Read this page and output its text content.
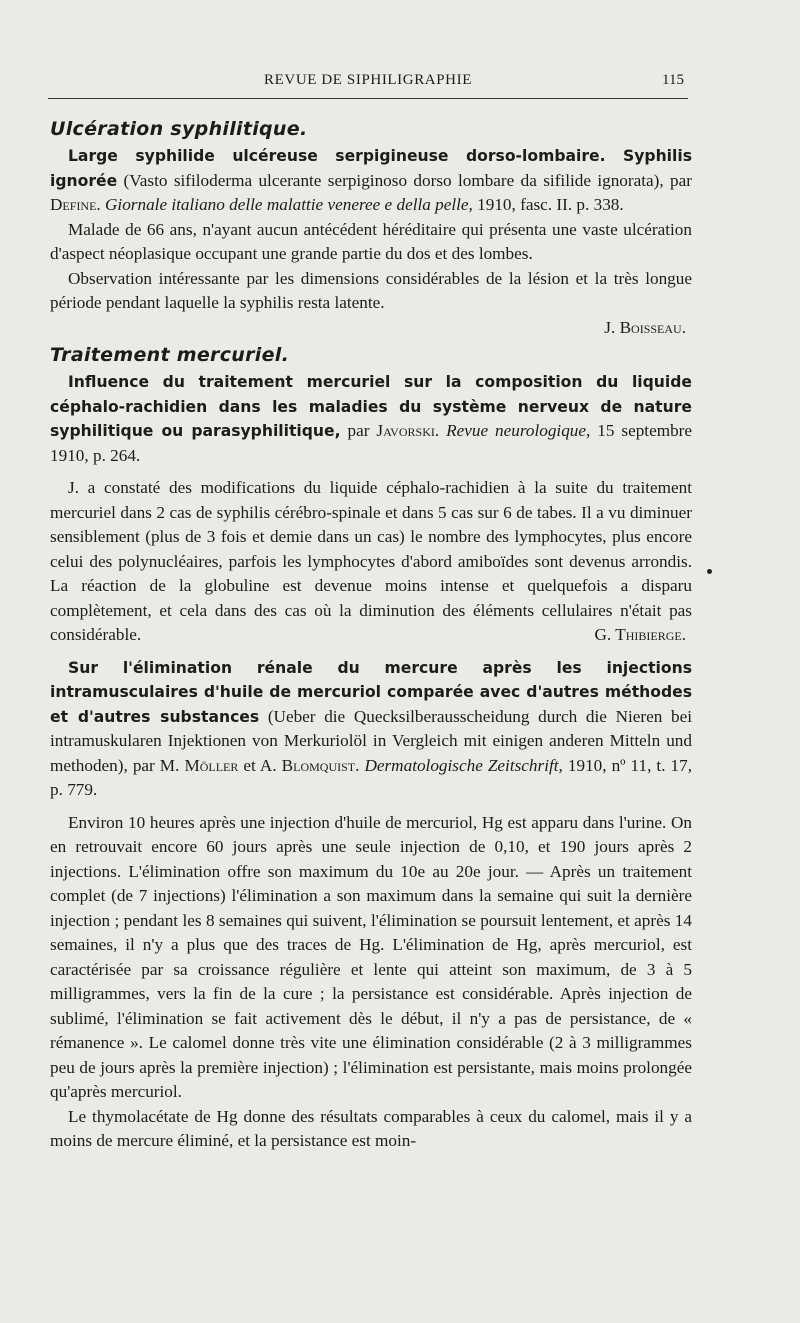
REVUE DE SIPHILIGRAPHIE	115
Ulcération syphilitique.

Large syphilide ulcéreuse serpigineuse dorso-lombaire. Syphilis ignorée (Vasto sifiloderma ulcerante serpiginoso dorso lombare da sifilide ignorata), par Define. Giornale italiano delle malattie veneree e della pelle, 1910, fasc. II. p. 338.

Malade de 66 ans, n'ayant aucun antécédent héréditaire qui présenta une vaste ulcération d'aspect néoplasique occupant une grande partie du dos et des lombes.

Observation intéressante par les dimensions considérables de la lésion et la très longue période pendant laquelle la syphilis resta latente.

J. Boisseau.

Traitement mercuriel.

Influence du traitement mercuriel sur la composition du liquide céphalo-rachidien dans les maladies du système nerveux de nature syphilitique ou parasyphilitique, par Javorski. Revue neurologique, 15 septembre 1910, p. 264.

J. a constaté des modifications du liquide céphalo-rachidien à la suite du traitement mercuriel dans 2 cas de syphilis cérébro-spinale et dans 5 cas sur 6 de tabes. Il a vu diminuer sensiblement (plus de 3 fois et demie dans un cas) le nombre des lymphocytes, plus encore celui des polynucléaires, parfois les lymphocytes d'abord amiboïdes sont devenus arrondis. La réaction de la globuline est devenue moins intense et quelquefois a disparu complètement, et cela dans des cas où la diminution des éléments cellulaires n'était pas considérable.	G. Thibierge.

Sur l'élimination rénale du mercure après les injections intramusculaires d'huile de mercuriol comparée avec d'autres méthodes et d'autres substances (Ueber die Quecksilberausscheidung durch die Nieren bei intramuskularen Injektionen von Merkuriolöl in Vergleich mit einigen anderen Mitteln und methoden), par M. Möller et A. Blomquist. Dermatologische Zeitschrift, 1910, nº 11, t. 17, p. 779.

Environ 10 heures après une injection d'huile de mercuriol, Hg est apparu dans l'urine. On en retrouvait encore 60 jours après une seule injection de 0,10, et 190 jours après 2 injections. L'élimination offre son maximum du 10e au 20e jour. — Après un traitement complet (de 7 injections) l'élimination a son maximum dans la semaine qui suit la dernière injection ; pendant les 8 semaines qui suivent, l'élimination se poursuit lentement, et après 14 semaines, il n'y a plus que des traces de Hg. L'élimination de Hg, après mercuriol, est caractérisée par sa croissance régulière et lente qui atteint son maximum, de 3 à 5 milligrammes, vers la fin de la cure ; la persistance est considérable. Après injection de sublimé, l'élimination se fait activement dès le début, il n'y a pas de persistance, de « rémanence ». Le calomel donne très vite une élimination considérable (2 à 3 milligrammes peu de jours après la première injection) ; l'élimination est persistante, mais moins prolongée qu'après mercuriol.

Le thymolacétate de Hg donne des résultats comparables à ceux du calomel, mais il y a moins de mercure éliminé, et la persistance est moin-
